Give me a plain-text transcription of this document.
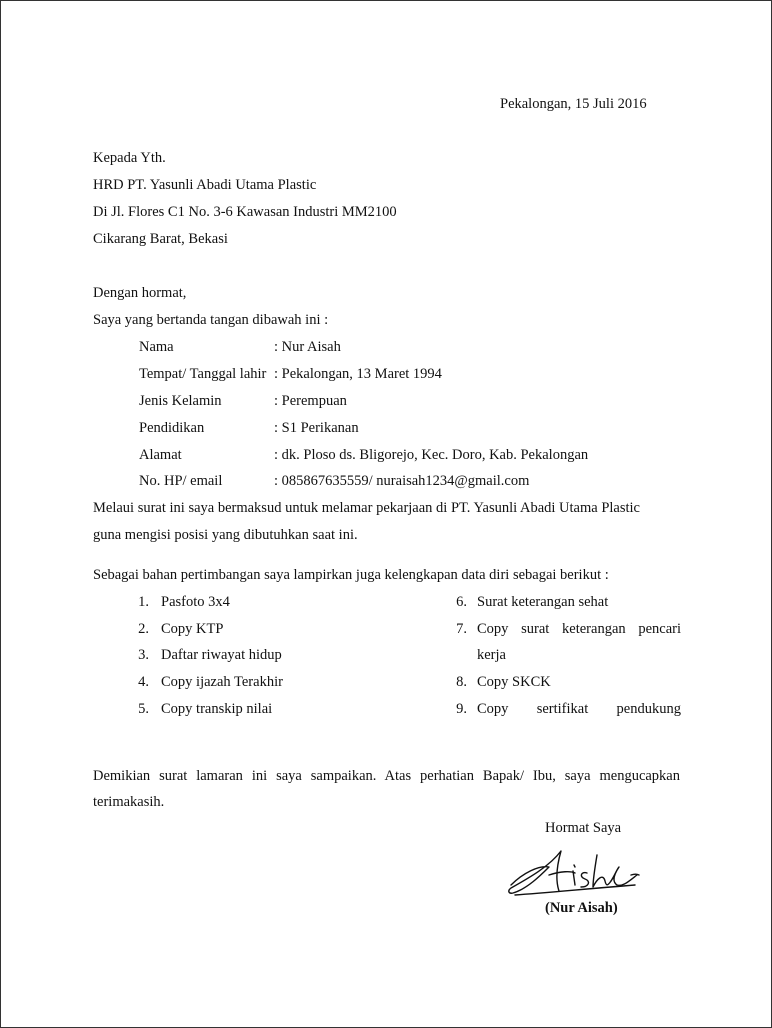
Pekalongan, 15 Juli 2016
Kepada Yth.
HRD PT. Yasunli Abadi Utama Plastic
Di Jl. Flores C1 No. 3-6 Kawasan Industri MM2100
Cikarang Barat, Bekasi
Dengan hormat,
Saya yang bertanda tangan dibawah ini :
Nama	: Nur Aisah
Tempat/ Tanggal lahir : Pekalongan, 13 Maret 1994
Jenis Kelamin	: Perempuan
Pendidikan	: S1 Perikanan
Alamat	: dk. Ploso ds. Bligorejo, Kec. Doro, Kab. Pekalongan
No. HP/ email	: 085867635559/ nuraisah1234@gmail.com
Melaui surat ini saya bermaksud untuk melamar pekarjaan di PT. Yasunli Abadi Utama Plastic
guna mengisi posisi yang dibutuhkan saat ini.
Sebagai bahan pertimbangan saya lampirkan juga kelengkapan data diri sebagai berikut :
1. Pasfoto 3x4
2. Copy KTP
3. Daftar riwayat hidup
4. Copy ijazah Terakhir
5. Copy transkip nilai
6. Surat keterangan sehat
7. Copy surat keterangan pencari
kerja
8. Copy SKCK
9. Copy sertifikat pendukung
Demikian surat lamaran ini saya sampaikan. Atas perhatian Bapak/ Ibu, saya mengucapkan
terimakasih.
Hormat Saya
(Nur Aisah)
